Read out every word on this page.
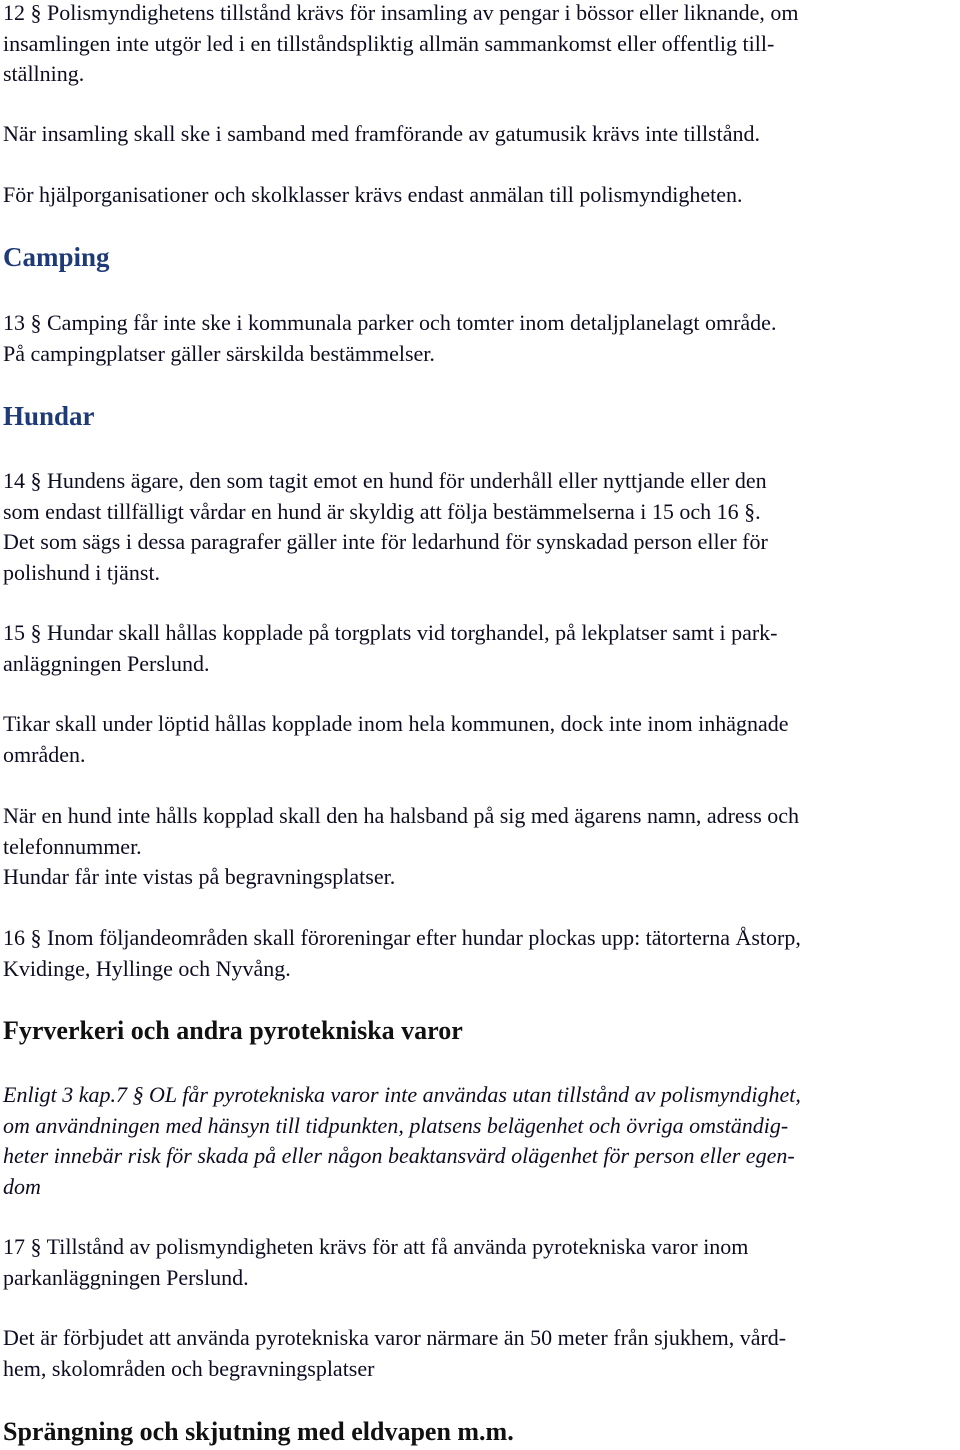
12 § Polismyndighetens tillstånd krävs för insamling av pengar i bössor eller liknande, om
insamlingen inte utgör led i en tillståndspliktig allmän sammankomst eller offentlig till-
ställning.

När insamling skall ske i samband med framförande av gatumusik krävs inte tillstånd.

För hjälporganisationer och skolklasser krävs endast anmälan till polismyndigheten.

Camping

13 § Camping får inte ske i kommunala parker och tomter inom detaljplanelagt område.
På campingplatser gäller särskilda bestämmelser.

Hundar

14 § Hundens ägare, den som tagit emot en hund för underhåll eller nyttjande eller den
som endast tillfälligt vårdar en hund är skyldig att följa bestämmelserna i 15 och 16 §.
Det som sägs i dessa paragrafer gäller inte för ledarhund för synskadad person eller för
polishund i tjänst.

15 § Hundar skall hållas kopplade på torgplats vid torghandel, på lekplatser samt i park-
anläggningen Perslund.

Tikar skall under löptid hållas kopplade inom hela kommunen, dock inte inom inhägnade
områden.

När en hund inte hålls kopplad skall den ha halsband på sig med ägarens namn, adress och
telefonnummer.
Hundar får inte vistas på begravningsplatser.

16 § Inom följandeområden skall föroreningar efter hundar plockas upp: tätorterna Åstorp,
Kvidinge, Hyllinge och Nyvång.

Fyrverkeri och andra pyrotekniska varor

Enligt 3 kap.7 § OL får pyrotekniska varor inte användas utan tillstånd av polismyndighet,
om användningen med hänsyn till tidpunkten, platsens belägenhet och övriga omständig-
heter innebär risk för skada på eller någon beaktansvärd olägenhet för person eller egen-
dom

17 § Tillstånd av polismyndigheten krävs för att få använda pyrotekniska varor inom
parkanläggningen Perslund.

Det är förbjudet att använda pyrotekniska varor närmare än 50 meter från sjukhem, vård-
hem, skolområden och begravningsplatser

Sprängning och skjutning med eldvapen m.m.
